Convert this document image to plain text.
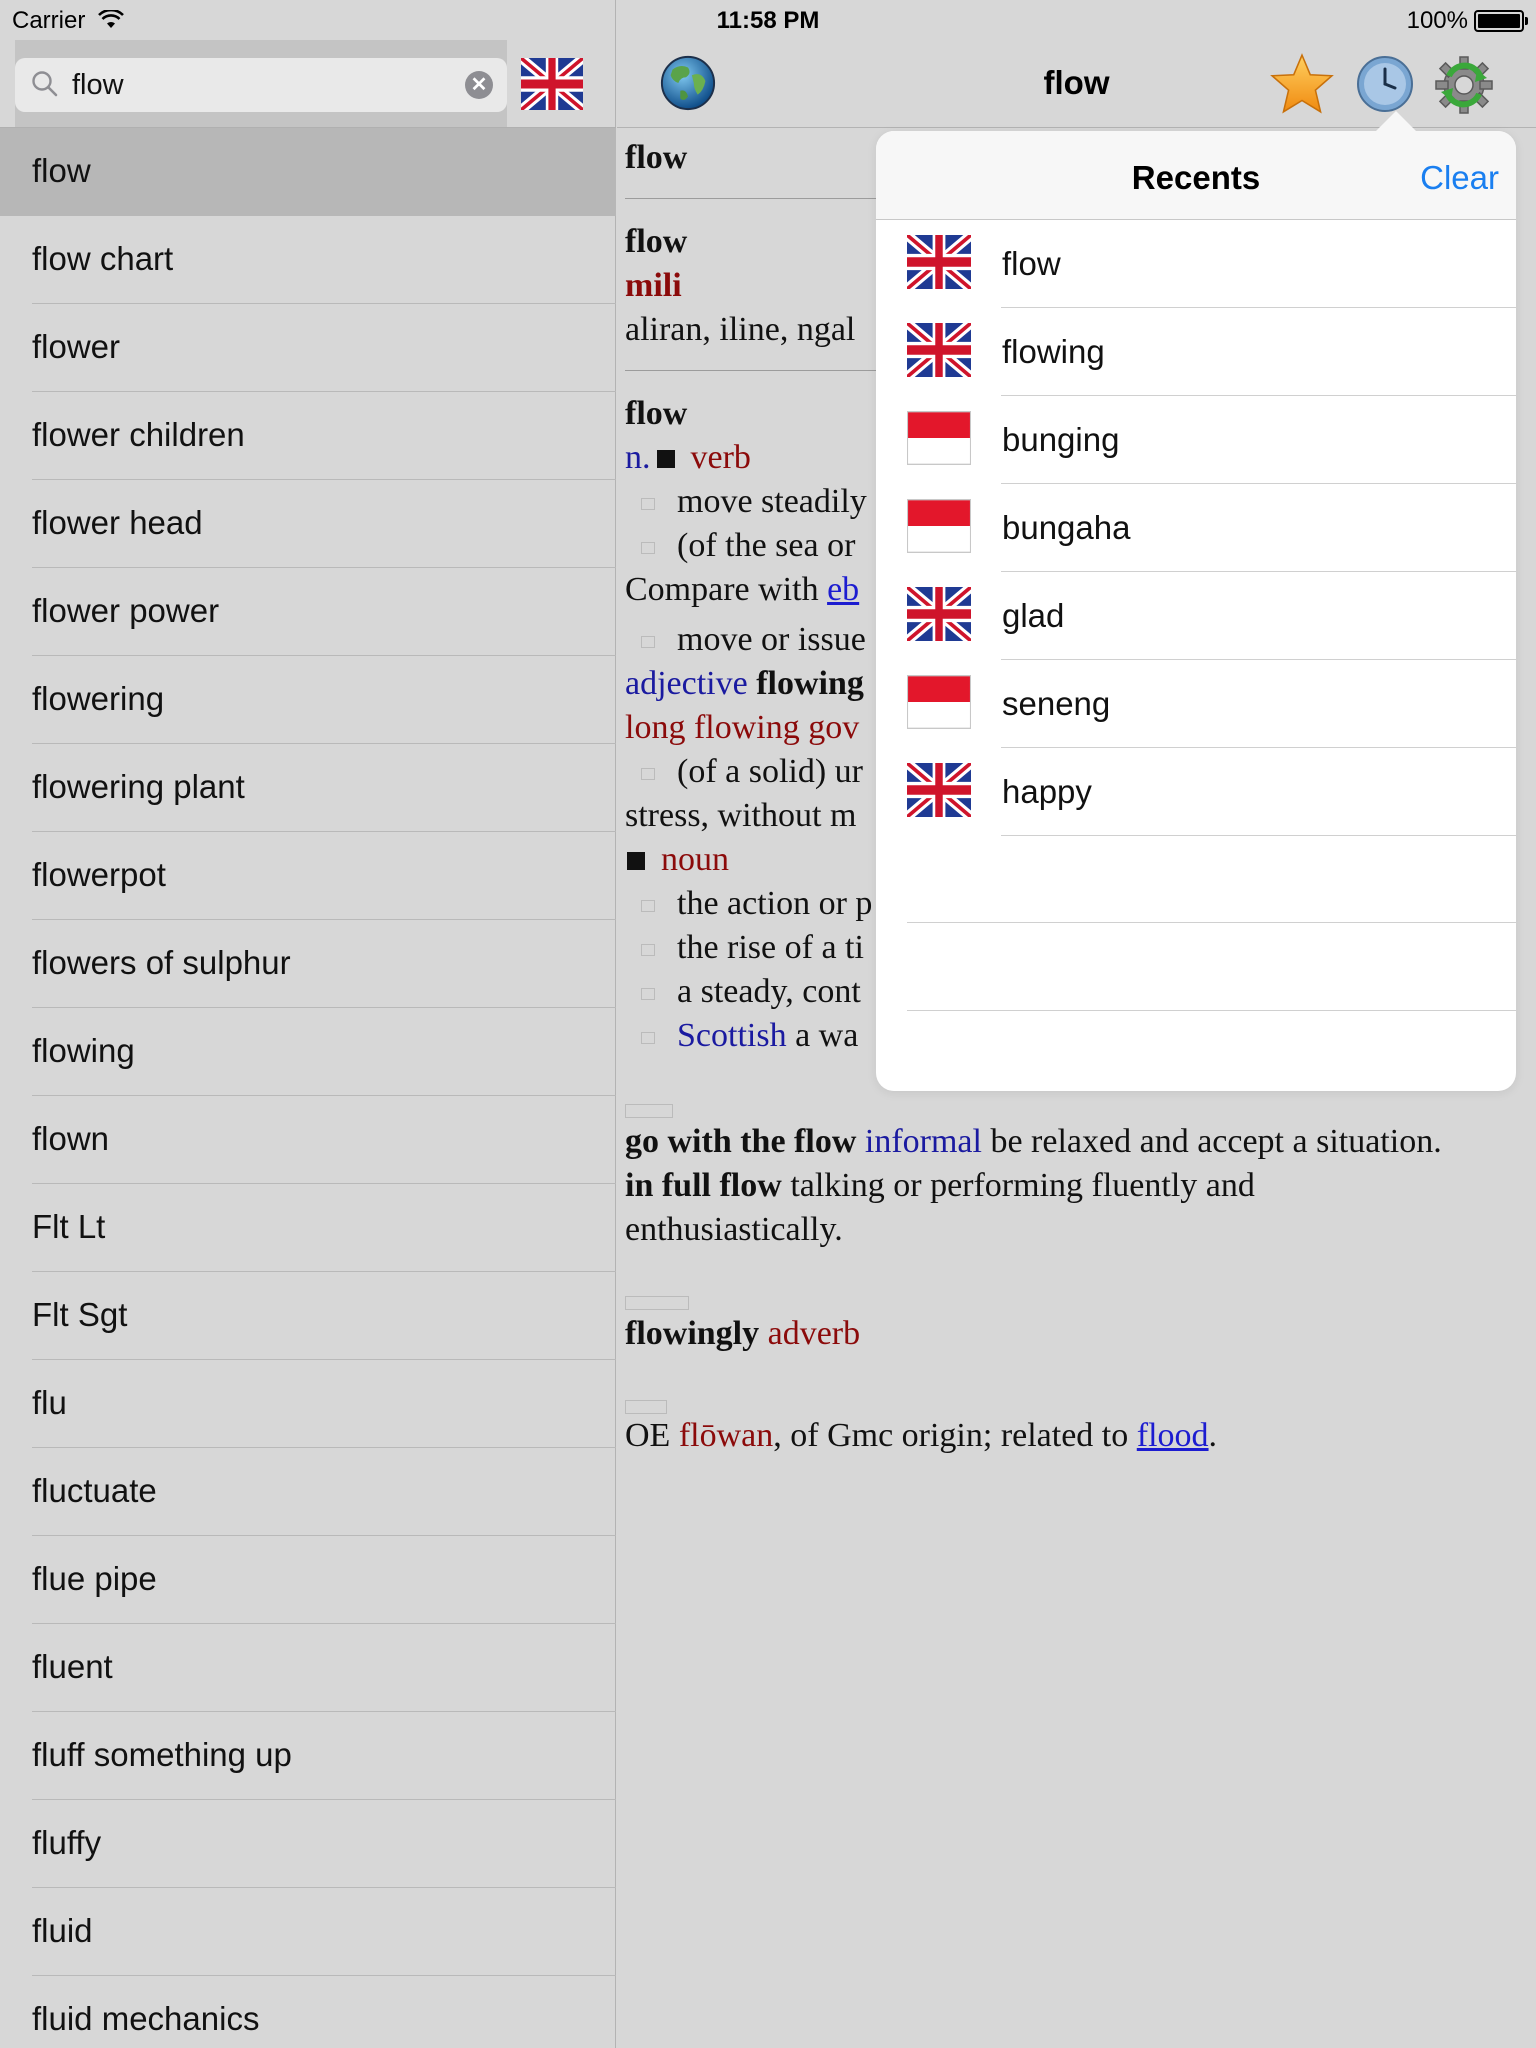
Carrier	11:58 PM	100%
flow	✕
flow
flow chart
flower
flower children
flower head
flower power
flowering
flowering plant
flowerpot
flowers of sulphur
flowing
flown
Flt Lt
Flt Sgt
flu
fluctuate
flue pipe
fluent
fluff something up
fluffy
fluid
fluid mechanics
flow
flow
flow
mili
aliran, iline, ngal
flow
n. verb
move steadily
(of the sea or
Compare with eb
move or issue
adjective flowing
long flowing gov
(of a solid) ur
stress, without m
noun
the action or p
the rise of a ti
a steady, cont
Scottish a wa
go with the flow informal be relaxed and accept a situation.
in full flow talking or performing fluently and
enthusiastically.
flowingly adverb
OE flōwan, of Gmc origin; related to flood.
Recents	Clear
flow
flowing
bunging
bungaha
glad
seneng
happy
